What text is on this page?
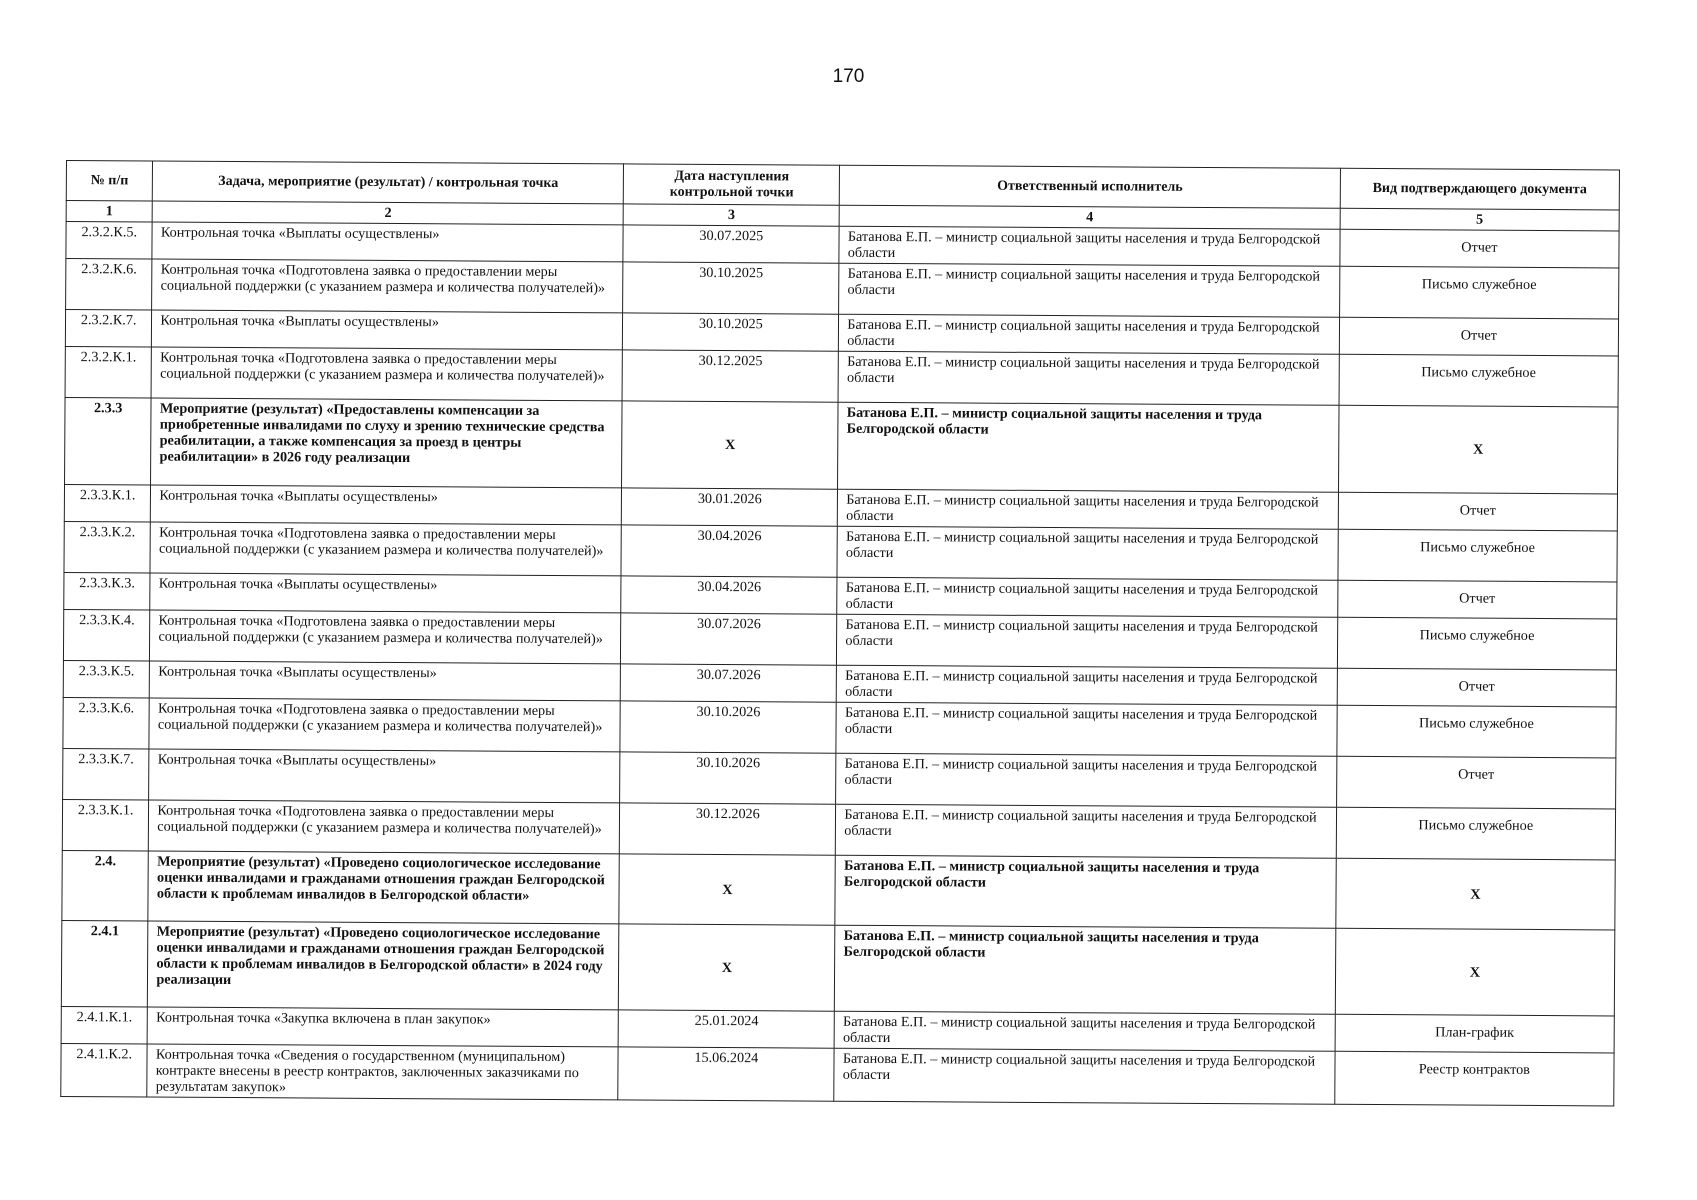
170
№ п/п	Задача, мероприятие (результат) / контрольная точка	Дата наступления контрольной точки	Ответственный исполнитель	Вид подтверждающего документа
1	2	3	4	5
2.3.2.К.5.	Контрольная точка «Выплаты осуществлены»	30.07.2025	Батанова Е.П. – министр социальной защиты населения и труда Белгородской области	Отчет
2.3.2.К.6.	Контрольная точка «Подготовлена заявка о предоставлении меры социальной поддержки (с указанием размера и количества получателей)»	30.10.2025	Батанова Е.П. – министр социальной защиты населения и труда Белгородской области	Письмо служебное
2.3.2.К.7.	Контрольная точка «Выплаты осуществлены»	30.10.2025	Батанова Е.П. – министр социальной защиты населения и труда Белгородской области	Отчет
2.3.2.К.1.	Контрольная точка «Подготовлена заявка о предоставлении меры социальной поддержки (с указанием размера и количества получателей)»	30.12.2025	Батанова Е.П. – министр социальной защиты населения и труда Белгородской области	Письмо служебное
2.3.3	Мероприятие (результат) «Предоставлены компенсации за приобретенные инвалидами по слуху и зрению технические средства реабилитации, а также компенсация за проезд в центры реабилитации» в 2026 году реализации	X	Батанова Е.П. – министр социальной защиты населения и труда Белгородской области	X
2.3.3.К.1.	Контрольная точка «Выплаты осуществлены»	30.01.2026	Батанова Е.П. – министр социальной защиты населения и труда Белгородской области	Отчет
2.3.3.К.2.	Контрольная точка «Подготовлена заявка о предоставлении меры социальной поддержки (с указанием размера и количества получателей)»	30.04.2026	Батанова Е.П. – министр социальной защиты населения и труда Белгородской области	Письмо служебное
2.3.3.К.3.	Контрольная точка «Выплаты осуществлены»	30.04.2026	Батанова Е.П. – министр социальной защиты населения и труда Белгородской области	Отчет
2.3.3.К.4.	Контрольная точка «Подготовлена заявка о предоставлении меры социальной поддержки (с указанием размера и количества получателей)»	30.07.2026	Батанова Е.П. – министр социальной защиты населения и труда Белгородской области	Письмо служебное
2.3.3.К.5.	Контрольная точка «Выплаты осуществлены»	30.07.2026	Батанова Е.П. – министр социальной защиты населения и труда Белгородской области	Отчет
2.3.3.К.6.	Контрольная точка «Подготовлена заявка о предоставлении меры социальной поддержки (с указанием размера и количества получателей)»	30.10.2026	Батанова Е.П. – министр социальной защиты населения и труда Белгородской области	Письмо служебное
2.3.3.К.7.	Контрольная точка «Выплаты осуществлены»	30.10.2026	Батанова Е.П. – министр социальной защиты населения и труда Белгородской области	Отчет
2.3.3.К.1.	Контрольная точка «Подготовлена заявка о предоставлении меры социальной поддержки (с указанием размера и количества получателей)»	30.12.2026	Батанова Е.П. – министр социальной защиты населения и труда Белгородской области	Письмо служебное
2.4.	Мероприятие (результат) «Проведено социологическое исследование оценки инвалидами и гражданами отношения граждан Белгородской области к проблемам инвалидов в Белгородской области»	X	Батанова Е.П. – министр социальной защиты населения и труда Белгородской области	X
2.4.1	Мероприятие (результат) «Проведено социологическое исследование оценки инвалидами и гражданами отношения граждан Белгородской области к проблемам инвалидов в Белгородской области» в 2024 году реализации	X	Батанова Е.П. – министр социальной защиты населения и труда Белгородской области	X
2.4.1.К.1.	Контрольная точка «Закупка включена в план закупок»	25.01.2024	Батанова Е.П. – министр социальной защиты населения и труда Белгородской области	План-график
2.4.1.К.2.	Контрольная точка «Сведения о государственном (муниципальном) контракте внесены в реестр контрактов, заключенных заказчиками по результатам закупок»	15.06.2024	Батанова Е.П. – министр социальной защиты населения и труда Белгородской области	Реестр контрактов
